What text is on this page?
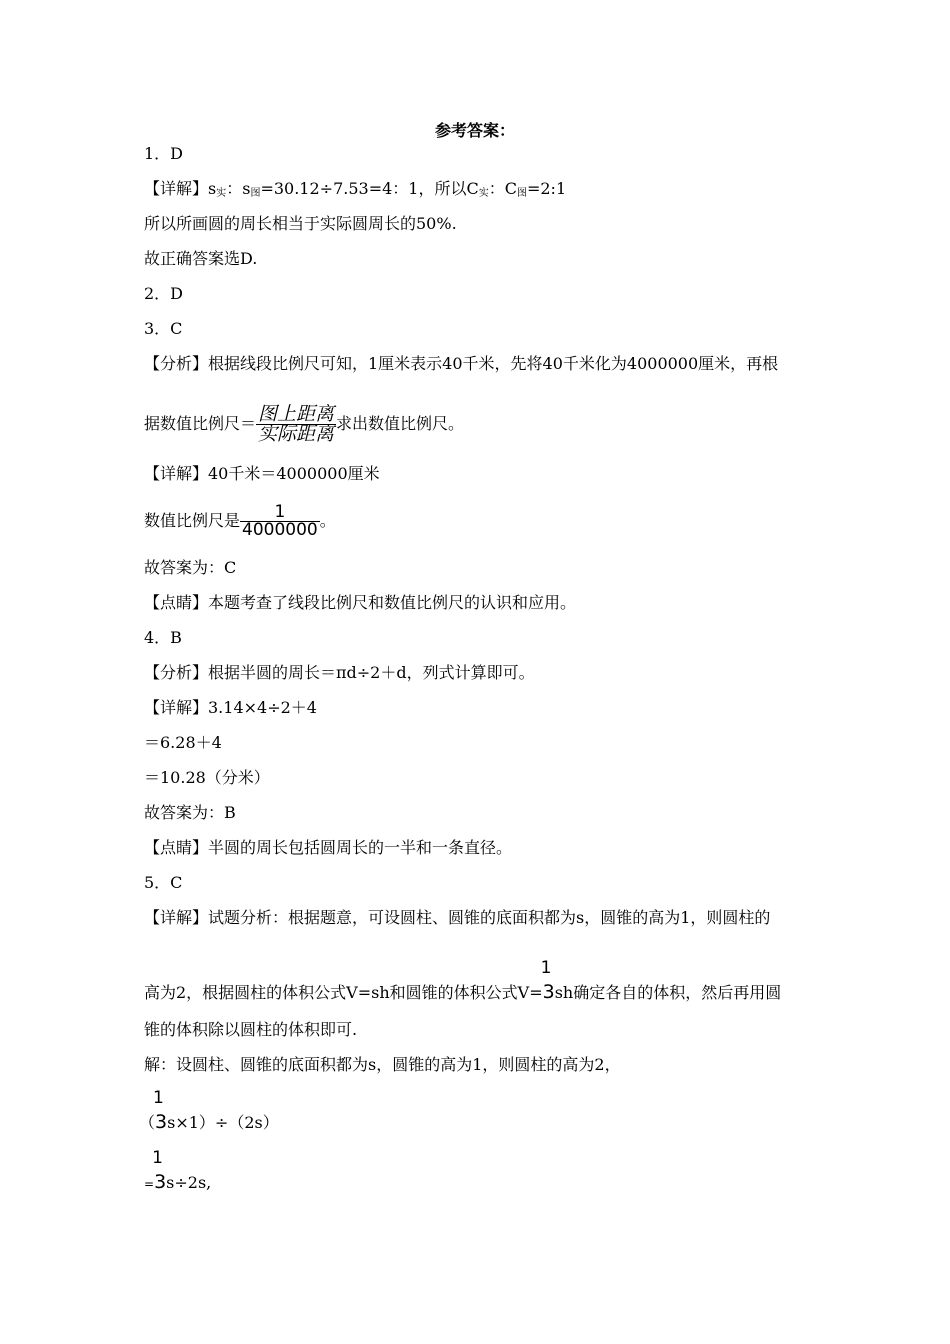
参考答案：
1．D
【详解】$s_实$：$s_图=30.12\div 7.53=4$：1，所以$C_实$：$C_图=2:1$
所以所画圆的周长相当于实际圆周长的50%.
故正确答案选D.
2．D
3．C
【分析】根据线段比例尺可知，1厘米表示40千米，先将40千米化为4000000厘米，再根
据数值比例尺＝ $\frac{\text{图上距离}}{\text{实际距离}}$ 求出数值比例尺。
【详解】40千米＝4000000厘米
数值比例尺是 $\frac{1}{4000000}$ 。
故答案为：C
【点睛】本题考查了线段比例尺和数值比例尺的认识和应用。
4．B
【分析】根据半圆的周长＝πd÷2＋d，列式计算即可。
【详解】3.14×4÷2＋4
＝6.28＋4
＝10.28（分米）
故答案为：B
【点睛】半圆的周长包括圆周长的一半和一条直径。
5．C
【详解】试题分析：根据题意，可设圆柱、圆锥的底面积都为s，圆锥的高为1，则圆柱的
高为2，根据圆柱的体积公式V=sh和圆锥的体积公式V=
1
3sh确定各自的体积，然后再用圆
锥的体积除以圆柱的体积即可.
解：设圆柱、圆锥的底面积都为s，圆锥的高为1，则圆柱的高为2，
（
1
3s×1）÷（2s）
=
1
3s÷2s,
